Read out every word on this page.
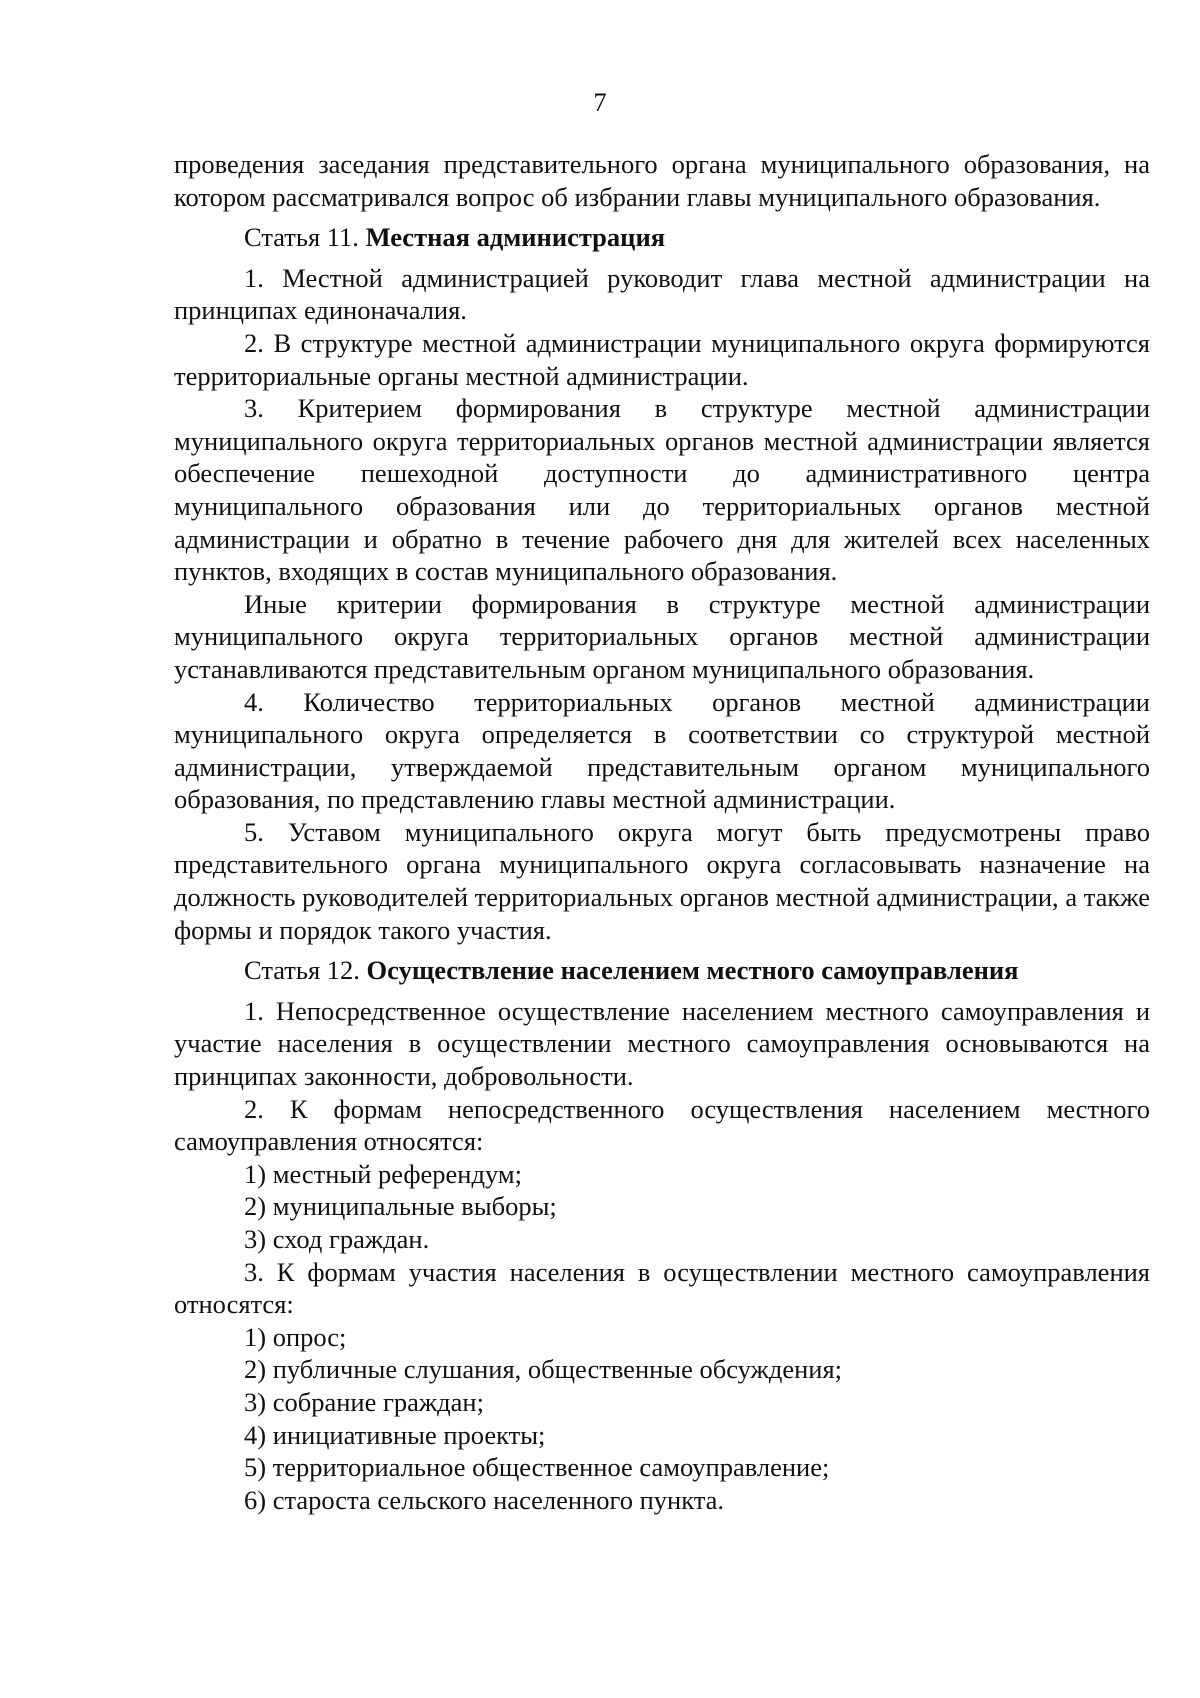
7

проведения заседания представительного органа муниципального образования, на котором рассматривался вопрос об избрании главы муниципального образования.

Статья 11. Местная администрация

1. Местной администрацией руководит глава местной администрации на принципах единоначалия.

2. В структуре местной администрации муниципального округа формируются территориальные органы местной администрации.

3. Критерием формирования в структуре местной администрации муниципального округа территориальных органов местной администрации является обеспечение пешеходной доступности до административного центра муниципального образования или до территориальных органов местной администрации и обратно в течение рабочего дня для жителей всех населенных пунктов, входящих в состав муниципального образования.

Иные критерии формирования в структуре местной администрации муниципального округа территориальных органов местной администрации устанавливаются представительным органом муниципального образования.

4. Количество территориальных органов местной администрации муниципального округа определяется в соответствии со структурой местной администрации, утверждаемой представительным органом муниципального образования, по представлению главы местной администрации.

5. Уставом муниципального округа могут быть предусмотрены право представительного органа муниципального округа согласовывать назначение на должность руководителей территориальных органов местной администрации, а также формы и порядок такого участия.

Статья 12. Осуществление населением местного самоуправления

1. Непосредственное осуществление населением местного самоуправления и участие населения в осуществлении местного самоуправления основываются на принципах законности, добровольности.

2. К формам непосредственного осуществления населением местного самоуправления относятся:

1) местный референдум;

2) муниципальные выборы;

3) сход граждан.

3. К формам участия населения в осуществлении местного самоуправления относятся:

1) опрос;

2) публичные слушания, общественные обсуждения;

3) собрание граждан;

4) инициативные проекты;

5) территориальное общественное самоуправление;

6) староста сельского населенного пункта.
